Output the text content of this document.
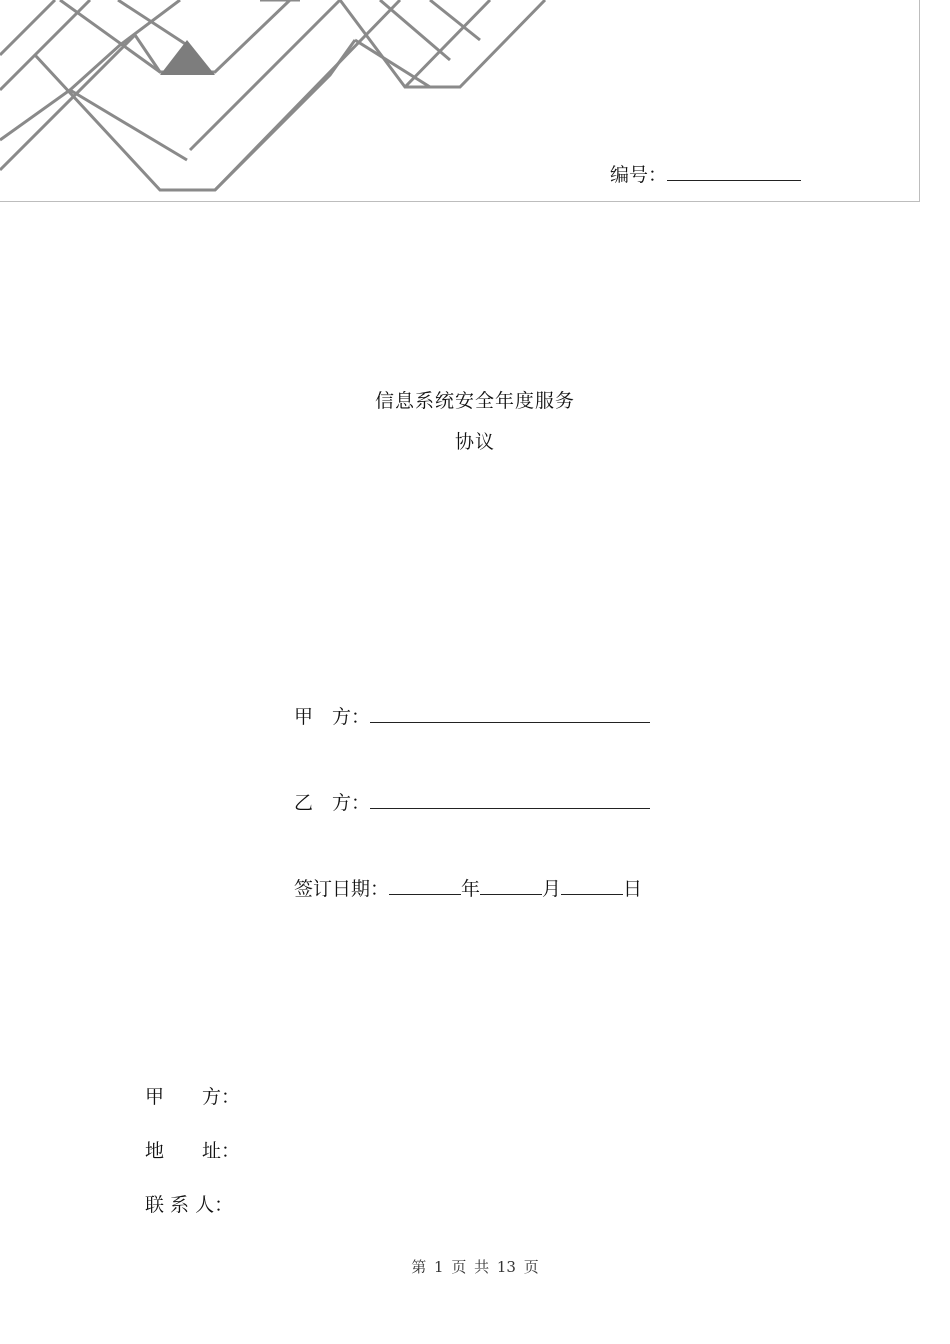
编号：
信息系统安全年度服务
协议
甲　方：
乙　方：
签订日期：	年	月	日
甲　　方：
地　　址：
联 系 人：
第 1 页 共 13 页
